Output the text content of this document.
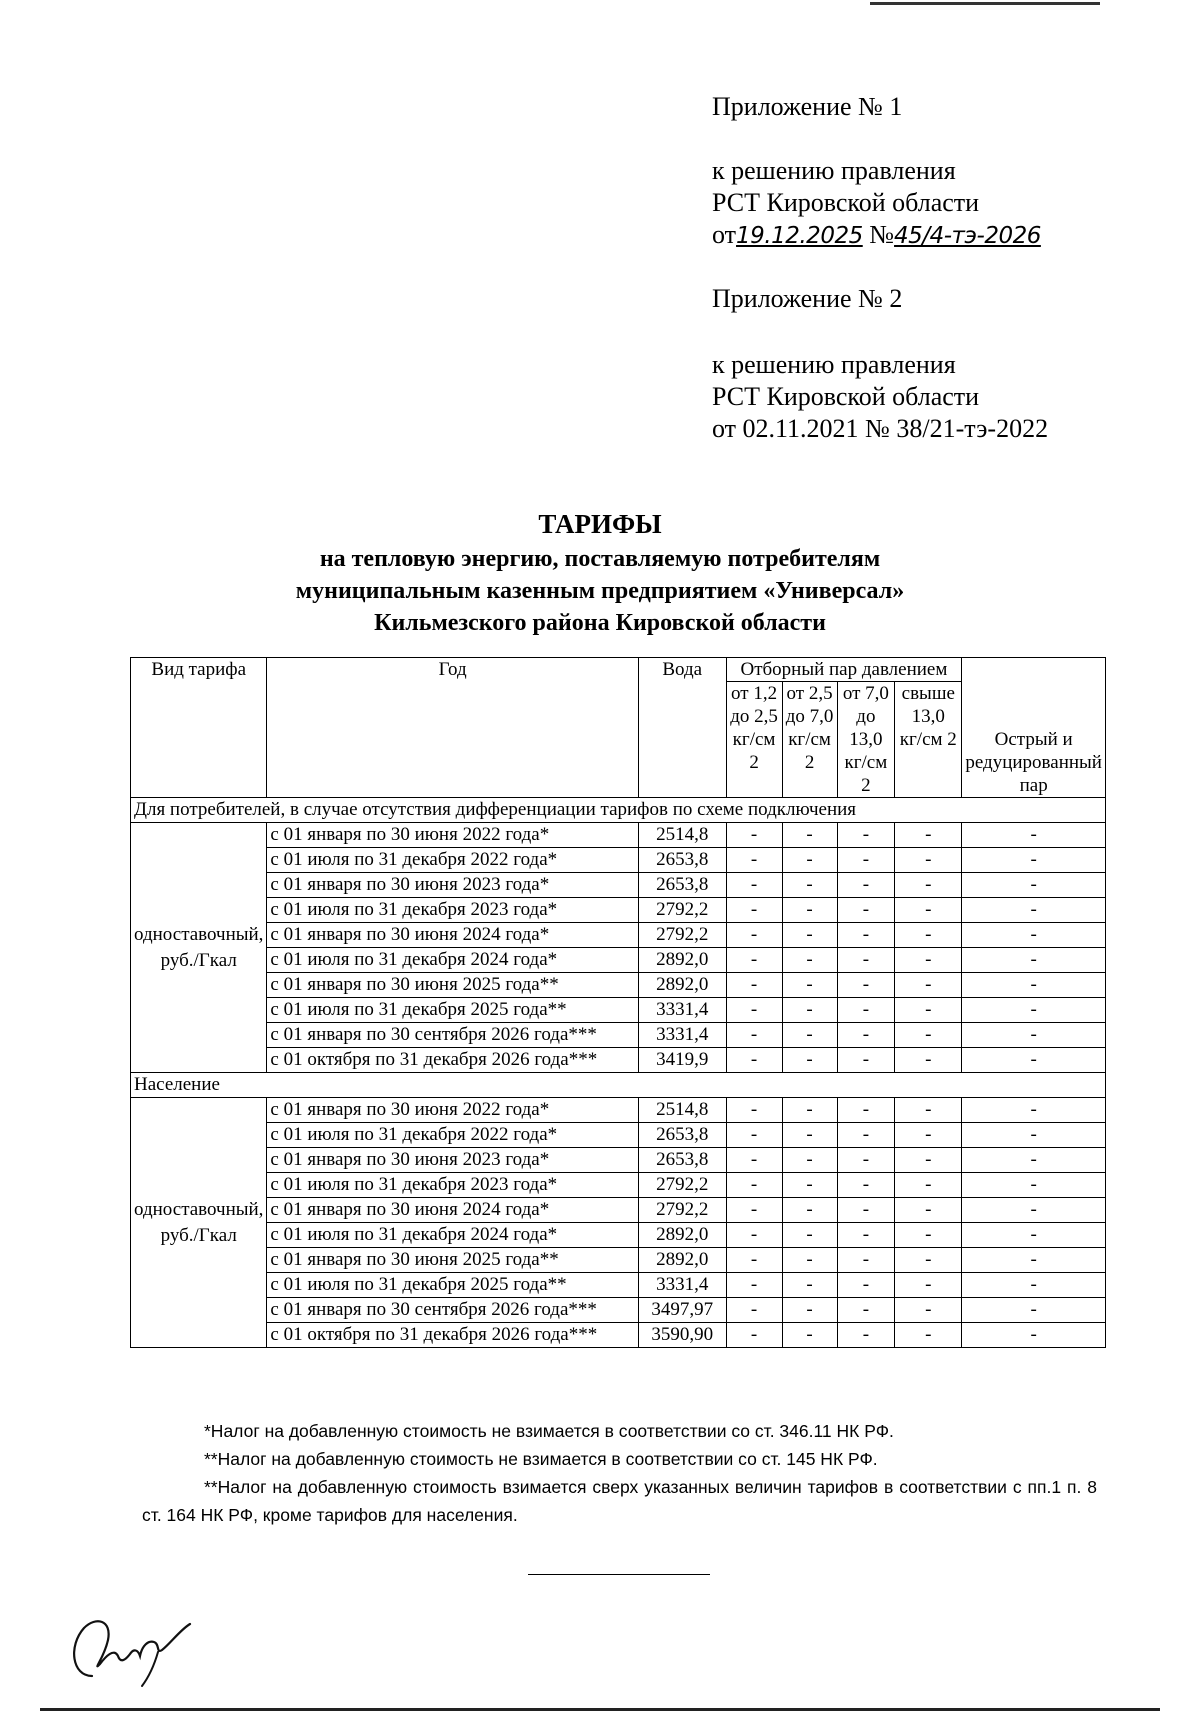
Приложение № 1
к решению правления
РСТ Кировской области
от19.12.2025 №45/4-тэ-2026
Приложение № 2
к решению правления
РСТ Кировской области
от 02.11.2021 № 38/21-тэ-2022
ТАРИФЫ
на тепловую энергию, поставляемую потребителям
муниципальным казенным предприятием «Универсал»
Кильмезского района Кировской области
Вид тарифа	Год	Вода	Отборный пар давлением				Острый и редуцированный пар
			от 1,2 до 2,5 кг/см 2	от 2,5 до 7,0 кг/см 2	от 7,0 до 13,0 кг/см 2	свыше 13,0 кг/см 2	
Для потребителей, в случае отсутствия дифференциации тарифов по схеме подключения							
одноставочный, руб./Гкал	с 01 января по 30 июня 2022 года*	2514,8	-	-	-	-	-
	с 01 июля по 31 декабря 2022 года*	2653,8	-	-	-	-	-
	с 01 января по 30 июня 2023 года*	2653,8	-	-	-	-	-
	с 01 июля по 31 декабря 2023 года*	2792,2	-	-	-	-	-
	с 01 января по 30 июня 2024 года*	2792,2	-	-	-	-	-
	с 01 июля по 31 декабря 2024 года*	2892,0	-	-	-	-	-
	с 01 января по 30 июня 2025 года**	2892,0	-	-	-	-	-
	с 01 июля по 31 декабря 2025 года**	3331,4	-	-	-	-	-
	с 01 января по 30 сентября 2026 года***	3331,4	-	-	-	-	-
	с 01 октября по 31 декабря 2026 года***	3419,9	-	-	-	-	-
Население							
одноставочный, руб./Гкал	с 01 января по 30 июня 2022 года*	2514,8	-	-	-	-	-
	с 01 июля по 31 декабря 2022 года*	2653,8	-	-	-	-	-
	с 01 января по 30 июня 2023 года*	2653,8	-	-	-	-	-
	с 01 июля по 31 декабря 2023 года*	2792,2	-	-	-	-	-
	с 01 января по 30 июня 2024 года*	2792,2	-	-	-	-	-
	с 01 июля по 31 декабря 2024 года*	2892,0	-	-	-	-	-
	с 01 января по 30 июня 2025 года**	2892,0	-	-	-	-	-
	с 01 июля по 31 декабря 2025 года**	3331,4	-	-	-	-	-
	с 01 января по 30 сентября 2026 года***	3497,97	-	-	-	-	-
	с 01 октября по 31 декабря 2026 года***	3590,90	-	-	-	-	-
*Налог на добавленную стоимость не взимается в соответствии со ст. 346.11 НК РФ.
**Налог на добавленную стоимость не взимается в соответствии со ст. 145 НК РФ.
**Налог на добавленную стоимость взимается сверх указанных величин тарифов в соответствии с пп.1 п. 8 ст. 164 НК РФ, кроме тарифов для населения.
